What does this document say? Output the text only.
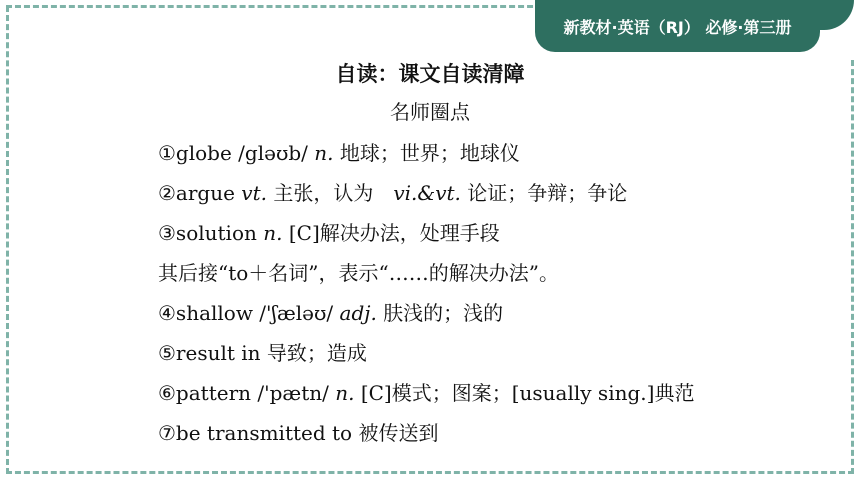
新教材·英语（RJ） 必修·第三册
自读：课文自读清障
名师圈点
①globe /gləʊb/ n. 地球；世界；地球仪
②argue vt. 主张，认为　vi.&vt. 论证；争辩；争论
③solution n. [C]解决办法，处理手段
其后接“to＋名词”，表示“……的解决办法”。
④shallow /'ʃæləʊ/ adj. 肤浅的；浅的
⑤result in 导致；造成
⑥pattern /'pætn/ n. [C]模式；图案；[usually sing.]典范
⑦be transmitted to 被传送到
